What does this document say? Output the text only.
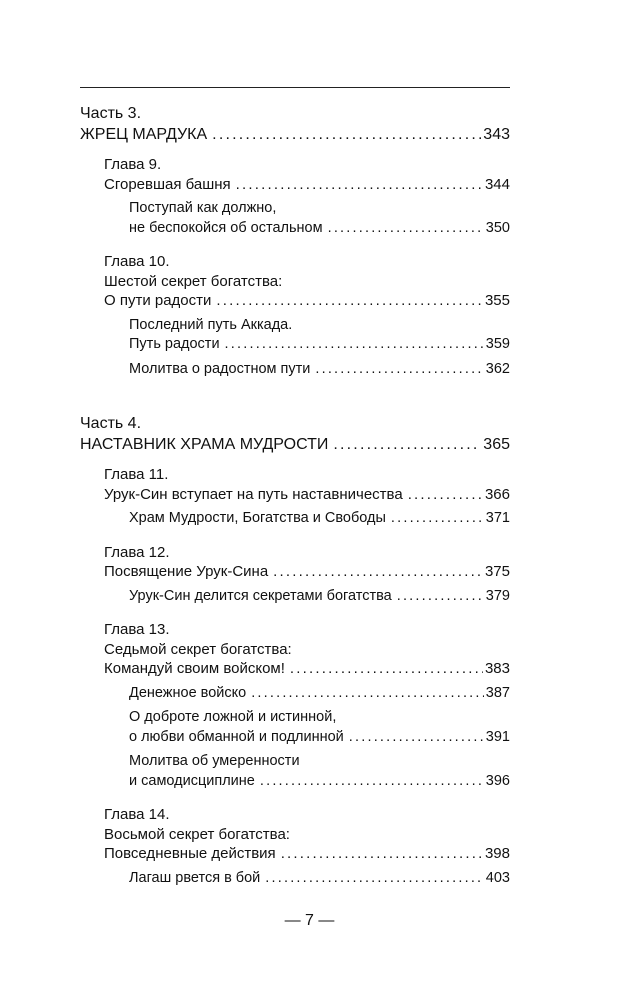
Часть 3.
ЖРЕЦ МАРДУКА .....	343
Глава 9.
Сгоревшая башня .....	344
Поступай как должно,
не беспокойся об остальном .....	350
Глава 10.
Шестой секрет богатства:
О пути радости .....	355
Последний путь Аккада.
Путь радости .....	359
Молитва о радостном пути .....	362
Часть 4.
НАСТАВНИК ХРАМА МУДРОСТИ .....	365
Глава 11.
Урук-Син вступает на путь наставничества .....	366
Храм Мудрости, Богатства и Свободы .....	371
Глава 12.
Посвящение Урук-Сина .....	375
Урук-Син делится секретами богатства .....	379
Глава 13.
Седьмой секрет богатства:
Командуй своим войском! .....	383
Денежное войско .....	387
О доброте ложной и истинной,
о любви обманной и подлинной .....	391
Молитва об умеренности
и самодисциплине .....	396
Глава 14.
Восьмой секрет богатства:
Повседневные действия .....	398
Лагаш рвется в бой .....	403
— 7 —
